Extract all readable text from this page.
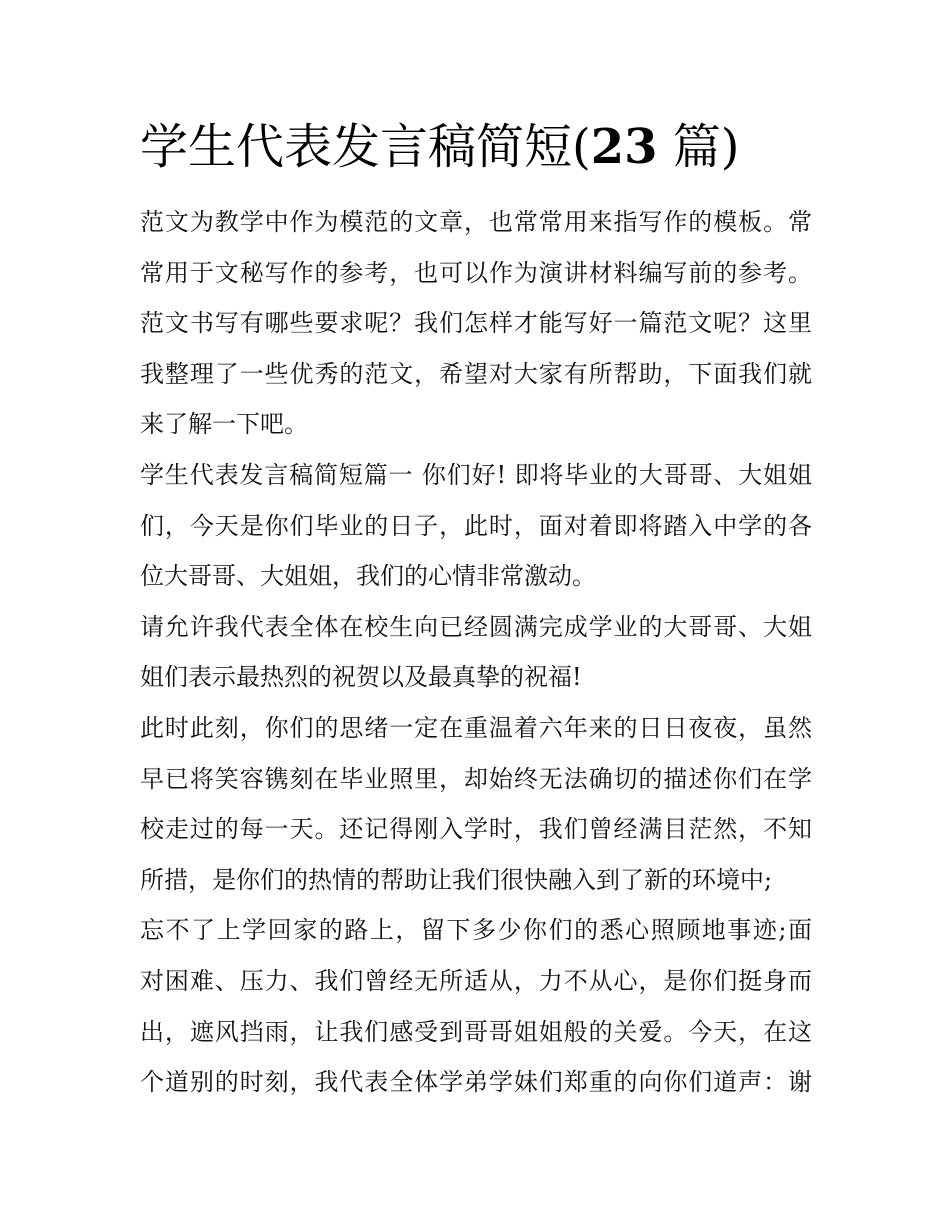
学生代表发言稿简短(23 篇)
范文为教学中作为模范的文章，也常常用来指写作的模板。常
常用于文秘写作的参考，也可以作为演讲材料编写前的参考。
范文书写有哪些要求呢？我们怎样才能写好一篇范文呢？这里
我整理了一些优秀的范文，希望对大家有所帮助，下面我们就
来了解一下吧。
学生代表发言稿简短篇一 你们好! 即将毕业的大哥哥、大姐姐
们，今天是你们毕业的日子，此时，面对着即将踏入中学的各
位大哥哥、大姐姐，我们的心情非常激动。
请允许我代表全体在校生向已经圆满完成学业的大哥哥、大姐
姐们表示最热烈的祝贺以及最真挚的祝福!
此时此刻，你们的思绪一定在重温着六年来的日日夜夜，虽然
早已将笑容镌刻在毕业照里，却始终无法确切的描述你们在学
校走过的每一天。还记得刚入学时，我们曾经满目茫然，不知
所措，是你们的热情的帮助让我们很快融入到了新的环境中;
忘不了上学回家的路上，留下多少你们的悉心照顾地事迹;面
对困难、压力、我们曾经无所适从，力不从心，是你们挺身而
出，遮风挡雨，让我们感受到哥哥姐姐般的关爱。今天，在这
个道别的时刻，我代表全体学弟学妹们郑重的向你们道声：谢
